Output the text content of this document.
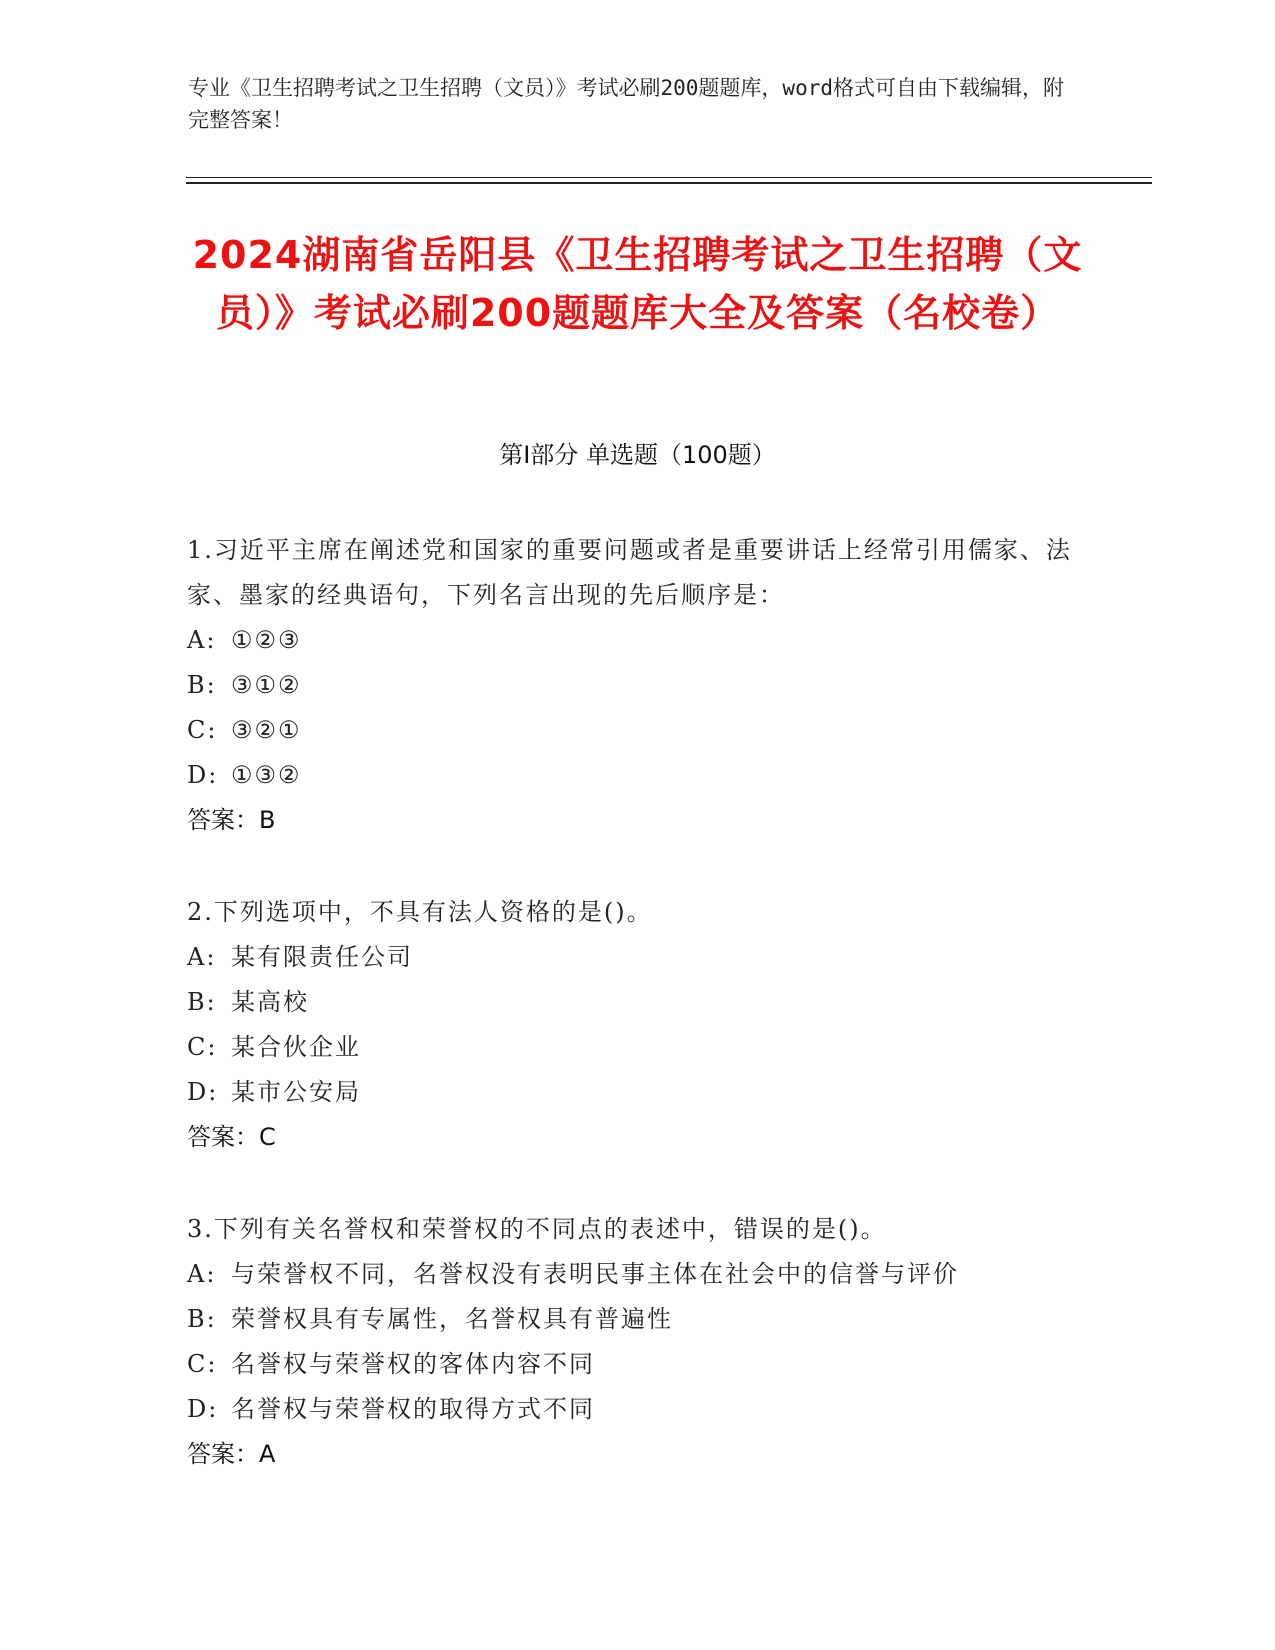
专业《卫生招聘考试之卫生招聘（文员）》考试必刷200题题库，word格式可自由下载编辑，附完整答案！
2024湖南省岳阳县《卫生招聘考试之卫生招聘（文员）》考试必刷200题题库大全及答案（名校卷）
第Ⅰ部分 单选题（100题）
1.习近平主席在阐述党和国家的重要问题或者是重要讲话上经常引用儒家、法家、墨家的经典语句，下列名言出现的先后顺序是：
A: ①②③
B: ③①②
C: ③②①
D: ①③②
答案：B
2.下列选项中，不具有法人资格的是()。
A: 某有限责任公司
B: 某高校
C: 某合伙企业
D: 某市公安局
答案：C
3.下列有关名誉权和荣誉权的不同点的表述中，错误的是()。
A: 与荣誉权不同，名誉权没有表明民事主体在社会中的信誉与评价
B: 荣誉权具有专属性，名誉权具有普遍性
C: 名誉权与荣誉权的客体内容不同
D: 名誉权与荣誉权的取得方式不同
答案：A
